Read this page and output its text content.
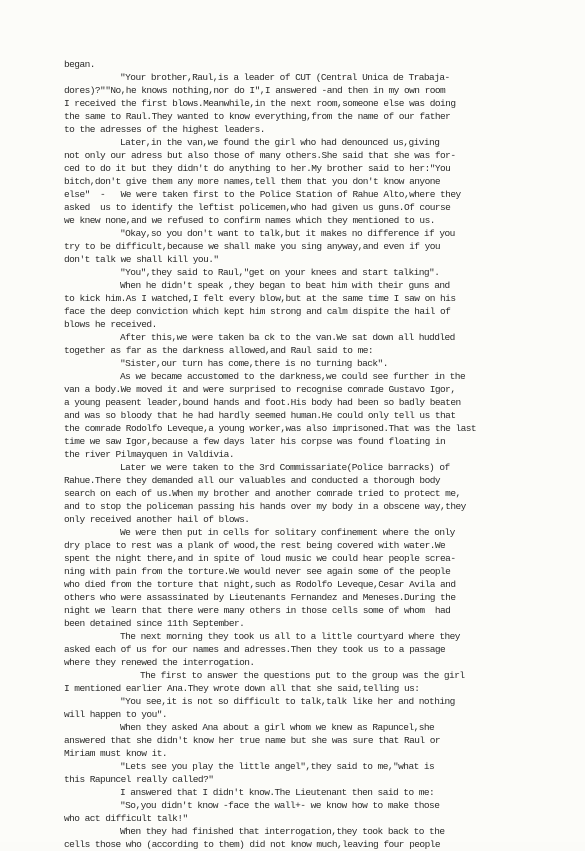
began.
"Your brother,Raul,is a leader of CUT (Central Unica de Trabaja-
dores)?""No,he knows nothing,nor do I",I answered -and then in my own room
I received the first blows.Meanwhile,in the next room,someone else was doing
the same to Raul.They wanted to know everything,from the name of our father
to the adresses of the highest leaders.
Later,in the van,we found the girl who had denounced us,giving
not only our adress but also those of many others.She said that she was for-
ced to do it but they didn't do anything to her.My brother said to her:"You
bitch,don't give them any more names,tell them that you don't know anyone
else"  -   We were taken first to the Police Station of Rahue Alto,where they
asked  us to identify the leftist policemen,who had given us guns.Of course
we knew none,and we refused to confirm names which they mentioned to us.
"Okay,so you don't want to talk,but it makes no difference if you
try to be difficult,because we shall make you sing anyway,and even if you
don't talk we shall kill you."
"You",they said to Raul,"get on your knees and start talking".
When he didn't speak ,they began to beat him with their guns and
to kick him.As I watched,I felt every blow,but at the same time I saw on his
face the deep conviction which kept him strong and calm dispite the hail of
blows he received.
After this,we were taken ba ck to the van.We sat down all huddled
together as far as the darkness allowed,and Raul said to me:
"Sister,our turn has come,there is no turning back".
As we became accustomed to the darkness,we could see further in the
van a body.We moved it and were surprised to recognise comrade Gustavo Igor,
a young peasent leader,bound hands and foot.His body had been so badly beaten
and was so bloody that he had hardly seemed human.He could only tell us that
the comrade Rodolfo Leveque,a young worker,was also imprisoned.That was the last
time we saw Igor,because a few days later his corpse was found floating in
the river Pilmayquen in Valdivia.
Later we were taken to the 3rd Commissariate(Police barracks) of
Rahue.There they demanded all our valuables and conducted a thorough body
search on each of us.When my brother and another comrade tried to protect me,
and to stop the policeman passing his hands over my body in a obscene way,they
only received another hail of blows.
We were then put in cells for solitary confinement where the only
dry place to rest was a plank of wood,the rest being covered with water.We
spent the night there,and in spite of loud music we could hear people screa-
ning with pain from the torture.We would never see again some of the people
who died from the torture that night,such as Rodolfo Leveque,Cesar Avila and
others who were assassinated by Lieutenants Fernandez and Meneses.During the
night we learn that there were many others in those cells some of whom  had
been detained since 11th September.
The next morning they took us all to a little courtyard where they
asked each of us for our names and adresses.Then they took us to a passage
where they renewed the interrogation.
The first to answer the questions put to the group was the girl
I mentioned earlier Ana.They wrote down all that she said,telling us:
"You see,it is not so difficult to talk,talk like her and nothing
will happen to you".
When they asked Ana about a girl whom we knew as Rapuncel,she
answered that she didn't know her true name but she was sure that Raul or
Miriam must know it.
"Lets see you play the little angel",they said to me,"what is
this Rapuncel really called?"
I answered that I didn't know.The Lieutenant then said to me:
"So,you didn't know -face the wall+- we know how to make those
who act difficult talk!"
When they had finished that interrogation,they took back to the
cells those who (according to them) did not know much,leaving four people
